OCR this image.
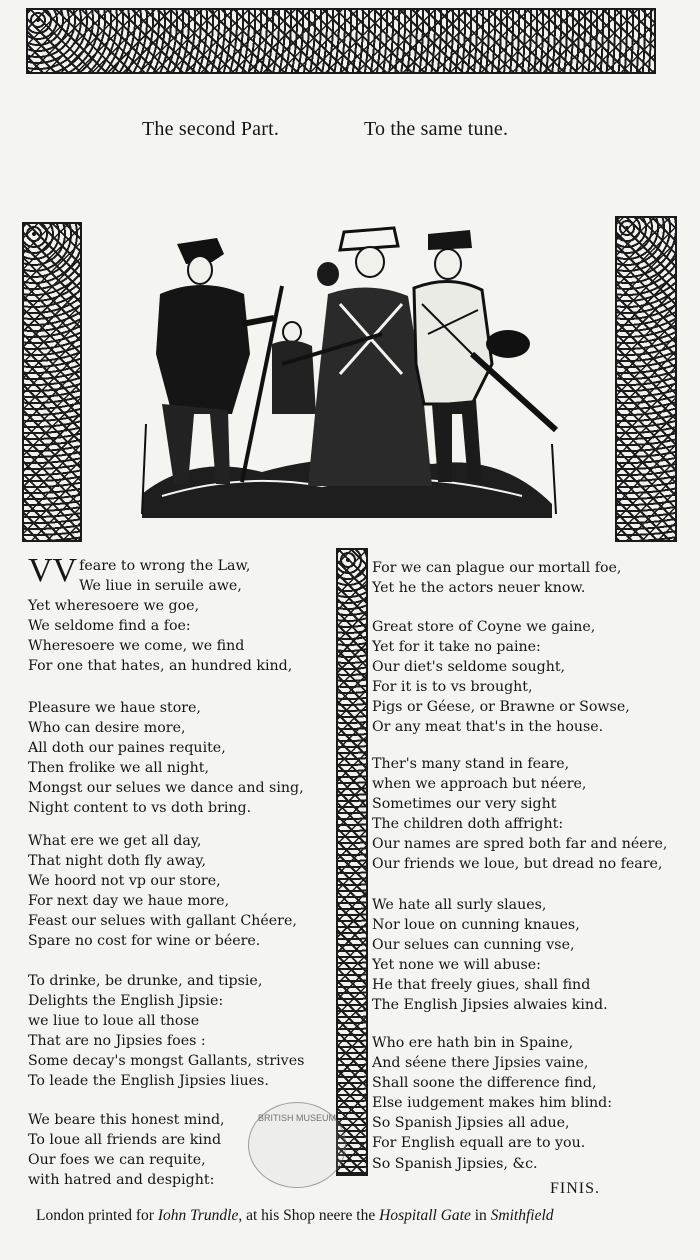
The second Part.	To the same tune.
VV feare to wrong the Law,
We liue in seruile awe,
Yet wheresoere we goe,
We seldome find a foe:
Wheresoere we come, we find
For one that hates, an hundred kind,
Pleasure we haue store,
Who can desire more,
All doth our paines requite,
Then frolike we all night,
Mongst our selues we dance and sing,
Night content to vs doth bring.
What ere we get all day,
That night doth fly away,
We hoord not vp our store,
For next day we haue more,
Feast our selues with gallant Chéere,
Spare no cost for wine or béere.
To drinke, be drunke, and tipsie,
Delights the English Jipsie:
we liue to loue all those
That are no Jipsies foes :
Some decay's mongst Gallants, strives
To leade the English Jipsies liues.
We beare this honest mind,
To loue all friends are kind
Our foes we can requite,
with hatred and despight:
For we can plague our mortall foe,
Yet he the actors neuer know.
Great store of Coyne we gaine,
Yet for it take no paine:
Our diet's seldome sought,
For it is to vs brought,
Pigs or Géese, or Brawne or Sowse,
Or any meat that's in the house.
Ther's many stand in feare,
when we approach but néere,
Sometimes our very sight
The children doth affright:
Our names are spred both far and néere,
Our friends we loue, but dread no feare,
We hate all surly slaues,
Nor loue on cunning knaues,
Our selues can cunning vse,
Yet none we will abuse:
He that freely giues, shall find
The English Jipsies alwaies kind.
Who ere hath bin in Spaine,
And séene there Jipsies vaine,
Shall soone the difference find,
Else iudgement makes him blind:
So Spanish Jipsies all adue,
For English equall are to you.
So Spanish Jipsies, &c.
BRITISH MUSEUM
FINIS.
London printed for Iohn Trundle, at his Shop neere the Hospitall Gate in Smithfield
